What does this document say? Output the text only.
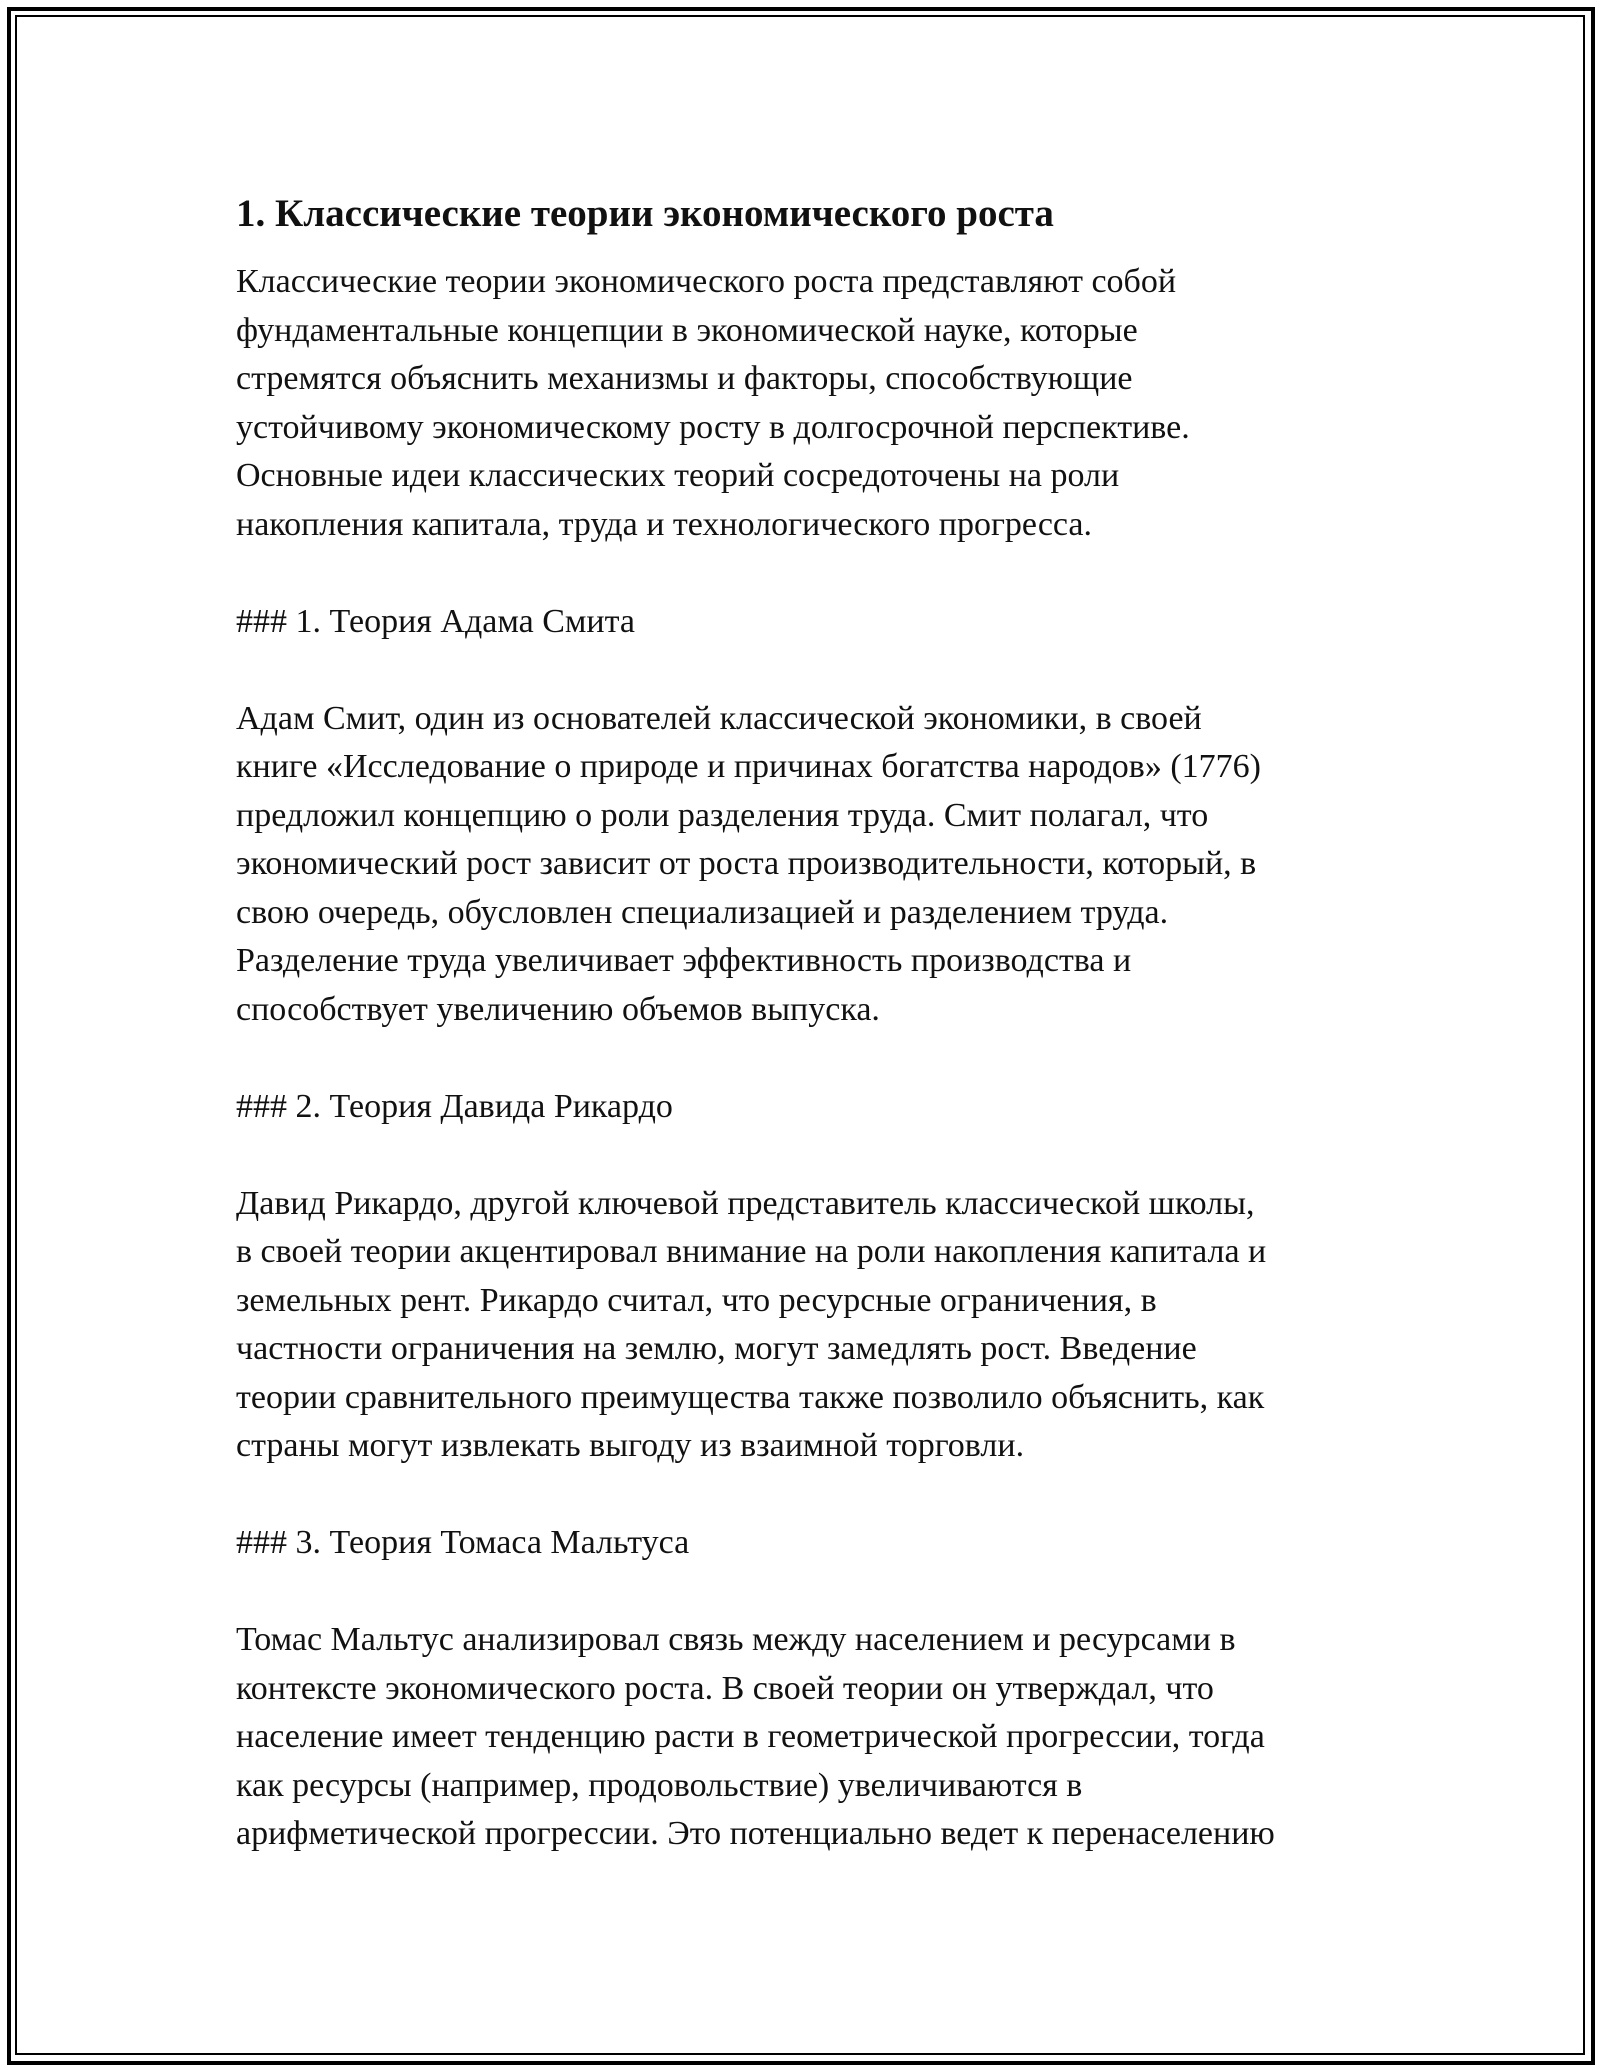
1. Классические теории экономического роста

Классические теории экономического роста представляют собой
фундаментальные концепции в экономической науке, которые
стремятся объяснить механизмы и факторы, способствующие
устойчивому экономическому росту в долгосрочной перспективе.
Основные идеи классических теорий сосредоточены на роли
накопления капитала, труда и технологического прогресса.

### 1. Теория Адама Смита

Адам Смит, один из основателей классической экономики, в своей
книге «Исследование о природе и причинах богатства народов» (1776)
предложил концепцию о роли разделения труда. Смит полагал, что
экономический рост зависит от роста производительности, который, в
свою очередь, обусловлен специализацией и разделением труда.
Разделение труда увеличивает эффективность производства и
способствует увеличению объемов выпуска.

### 2. Теория Давида Рикардо

Давид Рикардо, другой ключевой представитель классической школы,
в своей теории акцентировал внимание на роли накопления капитала и
земельных рент. Рикардо считал, что ресурсные ограничения, в
частности ограничения на землю, могут замедлять рост. Введение
теории сравнительного преимущества также позволило объяснить, как
страны могут извлекать выгоду из взаимной торговли.

### 3. Теория Томаса Мальтуса

Томас Мальтус анализировал связь между населением и ресурсами в
контексте экономического роста. В своей теории он утверждал, что
население имеет тенденцию расти в геометрической прогрессии, тогда
как ресурсы (например, продовольствие) увеличиваются в
арифметической прогрессии. Это потенциально ведет к перенаселению
